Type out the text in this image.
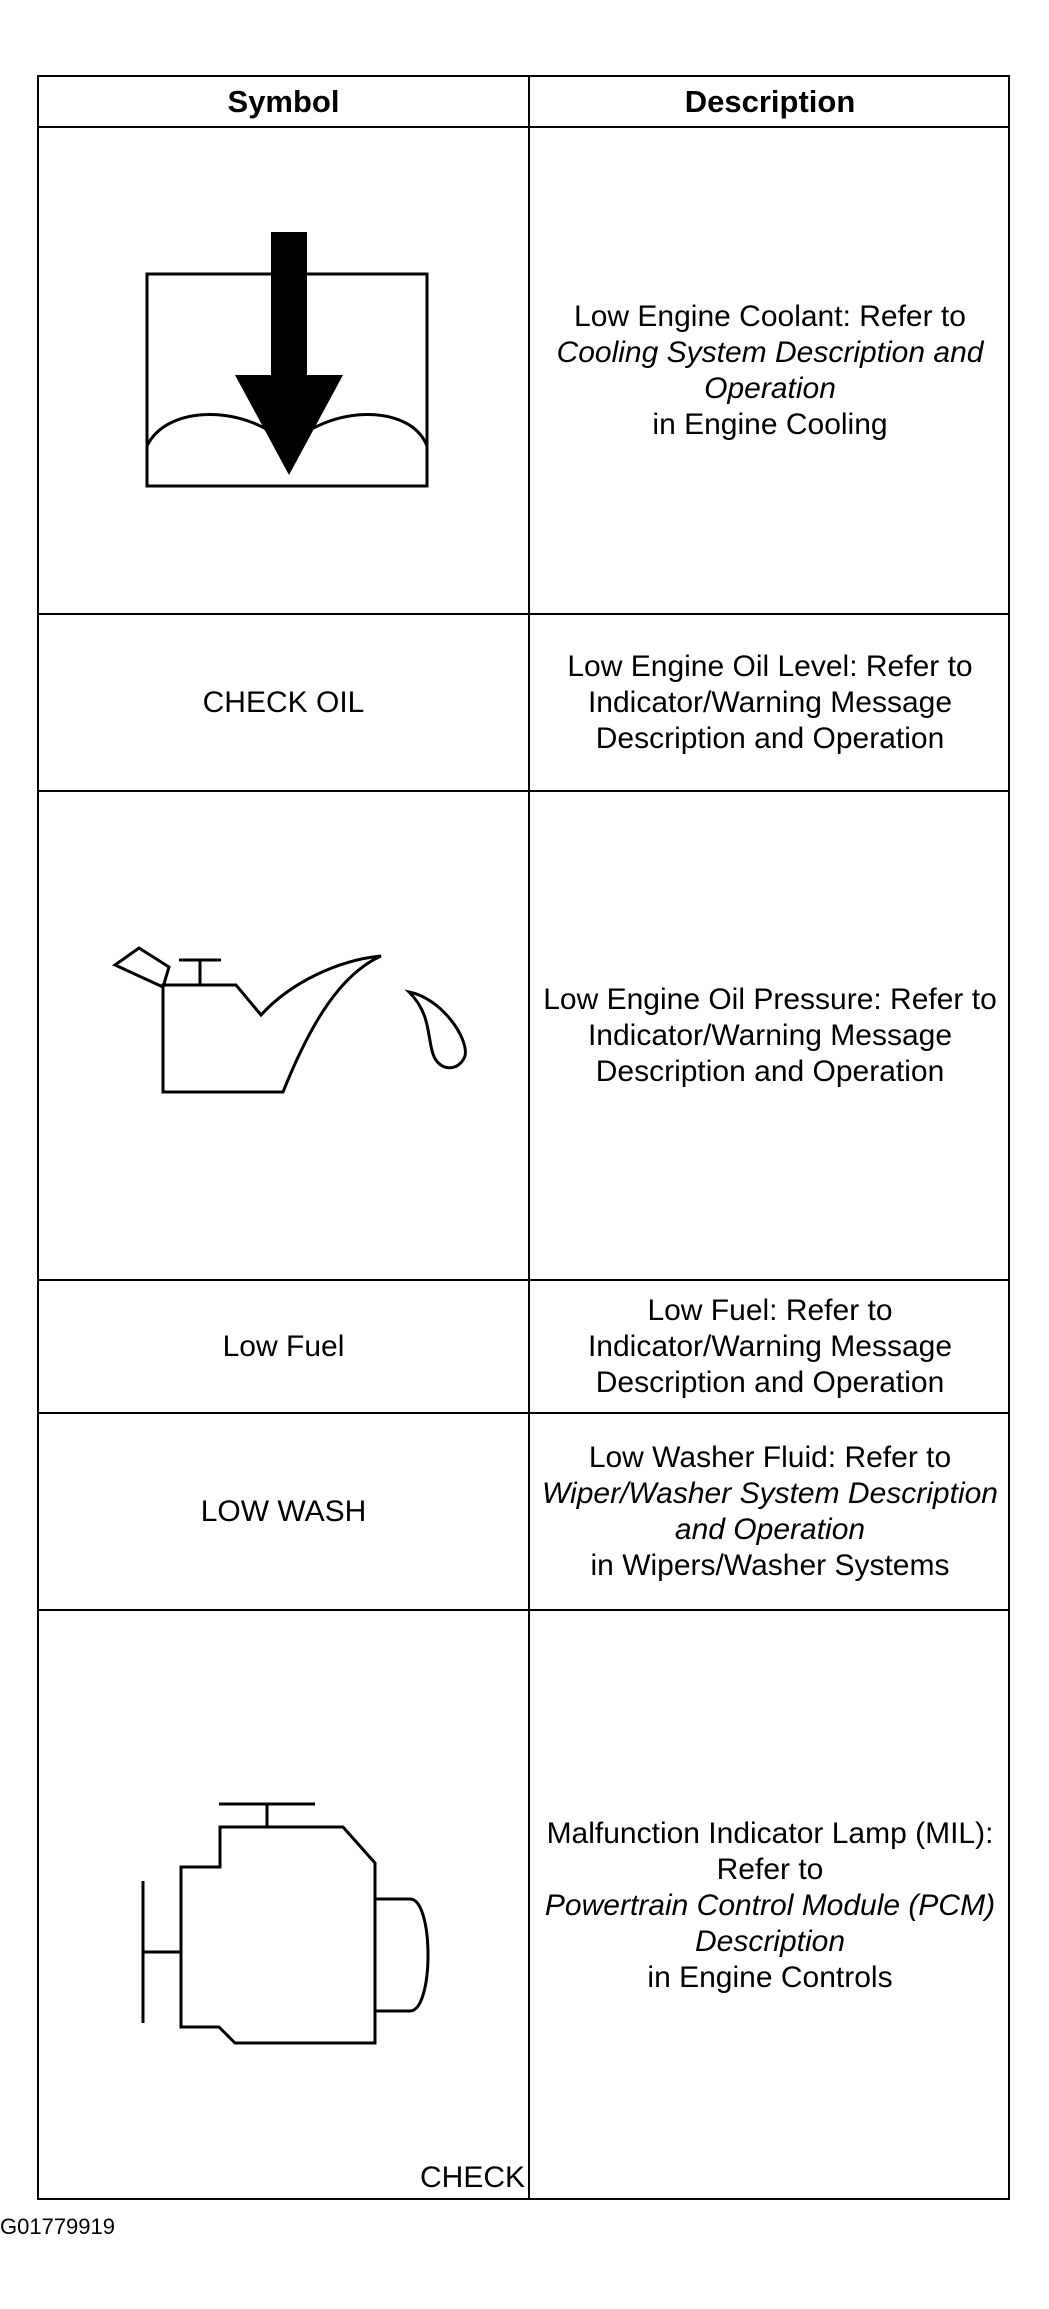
Symbol	Description
Low Engine Coolant: Refer to
Cooling System Description and Operation
in Engine Cooling
CHECK OIL
Low Engine Oil Level: Refer to Indicator/Warning Message Description and Operation
Low Engine Oil Pressure: Refer to Indicator/Warning Message Description and Operation
Low Fuel
Low Fuel: Refer to Indicator/Warning Message Description and Operation
LOW WASH
Low Washer Fluid: Refer to
Wiper/Washer System Description and Operation
in Wipers/Washer Systems
CHECK
Malfunction Indicator Lamp (MIL): Refer to
Powertrain Control Module (PCM) Description
in Engine Controls
G01779919
